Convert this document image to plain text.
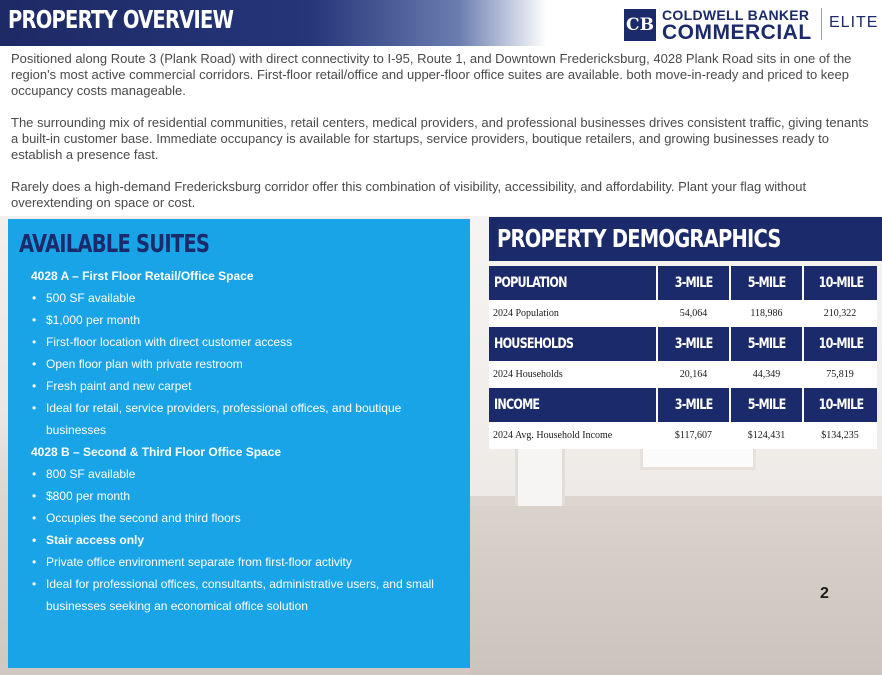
PROPERTY OVERVIEW	CB COLDWELL BANKER
COMMERCIAL ELITE

Positioned along Route 3 (Plank Road) with direct connectivity to I-95, Route 1, and Downtown Fredericksburg, 4028 Plank Road sits in one of the region's most active commercial corridors. First-floor retail/office and upper-floor office suites are available. both move-in-ready and priced to keep occupancy costs manageable.

The surrounding mix of residential communities, retail centers, medical providers, and professional businesses drives consistent traffic, giving tenants a built-in customer base. Immediate occupancy is available for startups, service providers, boutique retailers, and growing businesses ready to establish a presence fast.

Rarely does a high-demand Fredericksburg corridor offer this combination of visibility, accessibility, and affordability. Plant your flag without overextending on space or cost.

AVAILABLE SUITES
4028 A – First Floor Retail/Office Space
• 500 SF available
• $1,000 per month
• First-floor location with direct customer access
• Open floor plan with private restroom
• Fresh paint and new carpet
• Ideal for retail, service providers, professional offices, and boutique businesses
4028 B – Second & Third Floor Office Space
• 800 SF available
• $800 per month
• Occupies the second and third floors
• Stair access only
• Private office environment separate from first-floor activity
• Ideal for professional offices, consultants, administrative users, and small businesses seeking an economical office solution
PROPERTY DEMOGRAPHICS
POPULATION	3-MILE	5-MILE	10-MILE
2024 Population	54,064	118,986	210,322
HOUSEHOLDS	3-MILE	5-MILE	10-MILE
2024 Households	20,164	44,349	75,819
INCOME	3-MILE	5-MILE	10-MILE
2024 Avg. Household Income	$117,607	$124,431	$134,235
2
